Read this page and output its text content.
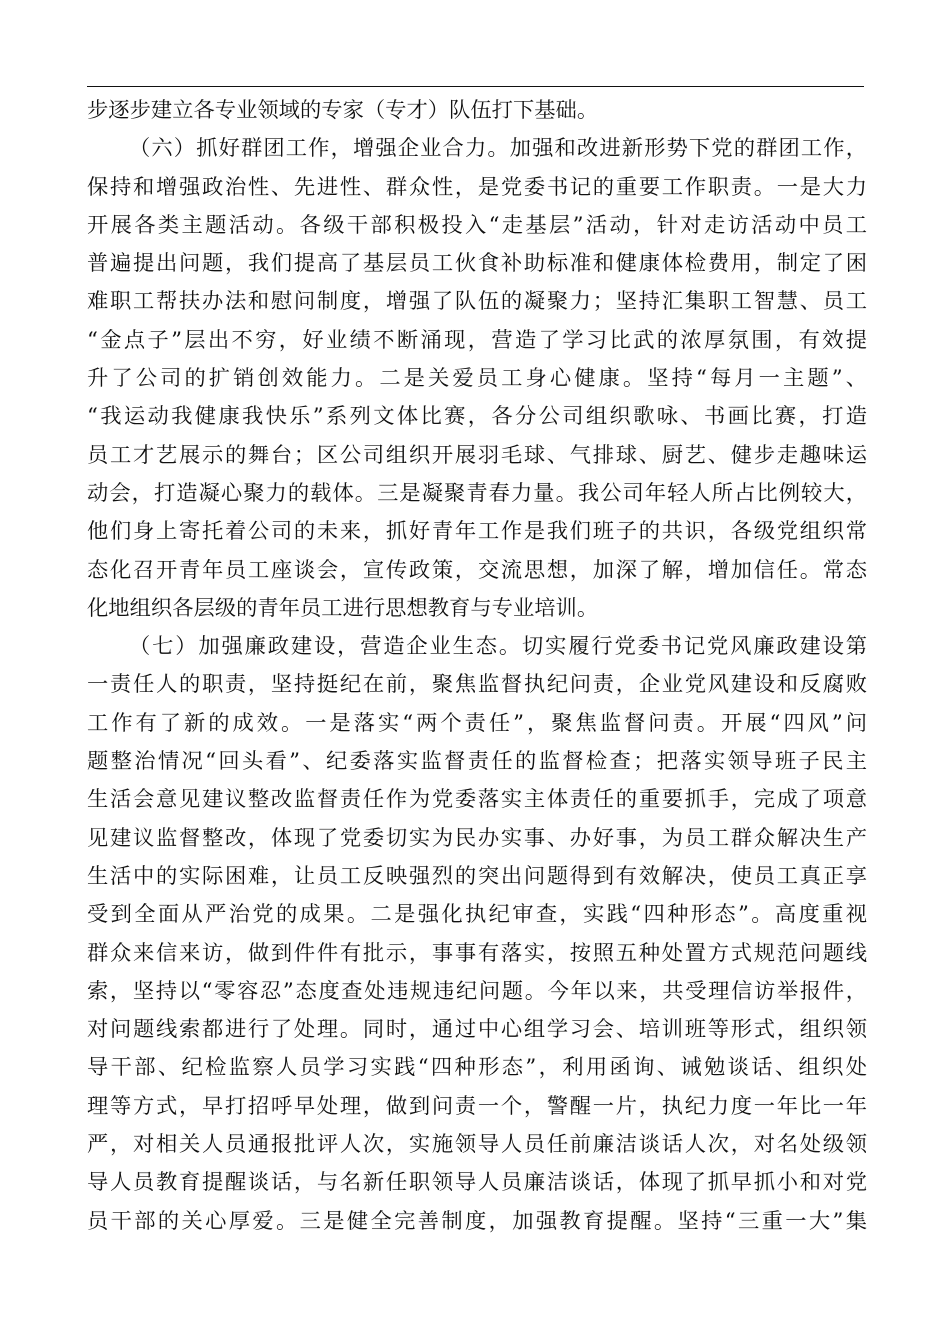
步逐步建立各专业领域的专家（专才）队伍打下基础。
（六）抓好群团工作，增强企业合力。加强和改进新形势下党的群团工作，
保持和增强政治性、先进性、群众性，是党委书记的重要工作职责。一是大力
开展各类主题活动。各级干部积极投入“走基层”活动，针对走访活动中员工
普遍提出问题，我们提高了基层员工伙食补助标准和健康体检费用，制定了困
难职工帮扶办法和慰问制度，增强了队伍的凝聚力；坚持汇集职工智慧、员工
“金点子”层出不穷，好业绩不断涌现，营造了学习比武的浓厚氛围，有效提
升了公司的扩销创效能力。二是关爱员工身心健康。坚持“每月一主题”、
“我运动我健康我快乐”系列文体比赛，各分公司组织歌咏、书画比赛，打造
员工才艺展示的舞台；区公司组织开展羽毛球、气排球、厨艺、健步走趣味运
动会，打造凝心聚力的载体。三是凝聚青春力量。我公司年轻人所占比例较大，
他们身上寄托着公司的未来，抓好青年工作是我们班子的共识，各级党组织常
态化召开青年员工座谈会，宣传政策，交流思想，加深了解，增加信任。常态
化地组织各层级的青年员工进行思想教育与专业培训。
（七）加强廉政建设，营造企业生态。切实履行党委书记党风廉政建设第
一责任人的职责，坚持挺纪在前，聚焦监督执纪问责，企业党风建设和反腐败
工作有了新的成效。一是落实“两个责任”，聚焦监督问责。开展“四风”问
题整治情况“回头看”、纪委落实监督责任的监督检查；把落实领导班子民主
生活会意见建议整改监督责任作为党委落实主体责任的重要抓手，完成了项意
见建议监督整改，体现了党委切实为民办实事、办好事，为员工群众解决生产
生活中的实际困难，让员工反映强烈的突出问题得到有效解决，使员工真正享
受到全面从严治党的成果。二是强化执纪审查，实践“四种形态”。高度重视
群众来信来访，做到件件有批示，事事有落实，按照五种处置方式规范问题线
索，坚持以“零容忍”态度查处违规违纪问题。今年以来，共受理信访举报件，
对问题线索都进行了处理。同时，通过中心组学习会、培训班等形式，组织领
导干部、纪检监察人员学习实践“四种形态”，利用函询、诫勉谈话、组织处
理等方式，早打招呼早处理，做到问责一个，警醒一片，执纪力度一年比一年
严，对相关人员通报批评人次，实施领导人员任前廉洁谈话人次，对名处级领
导人员教育提醒谈话，与名新任职领导人员廉洁谈话，体现了抓早抓小和对党
员干部的关心厚爱。三是健全完善制度，加强教育提醒。坚持“三重一大”集
